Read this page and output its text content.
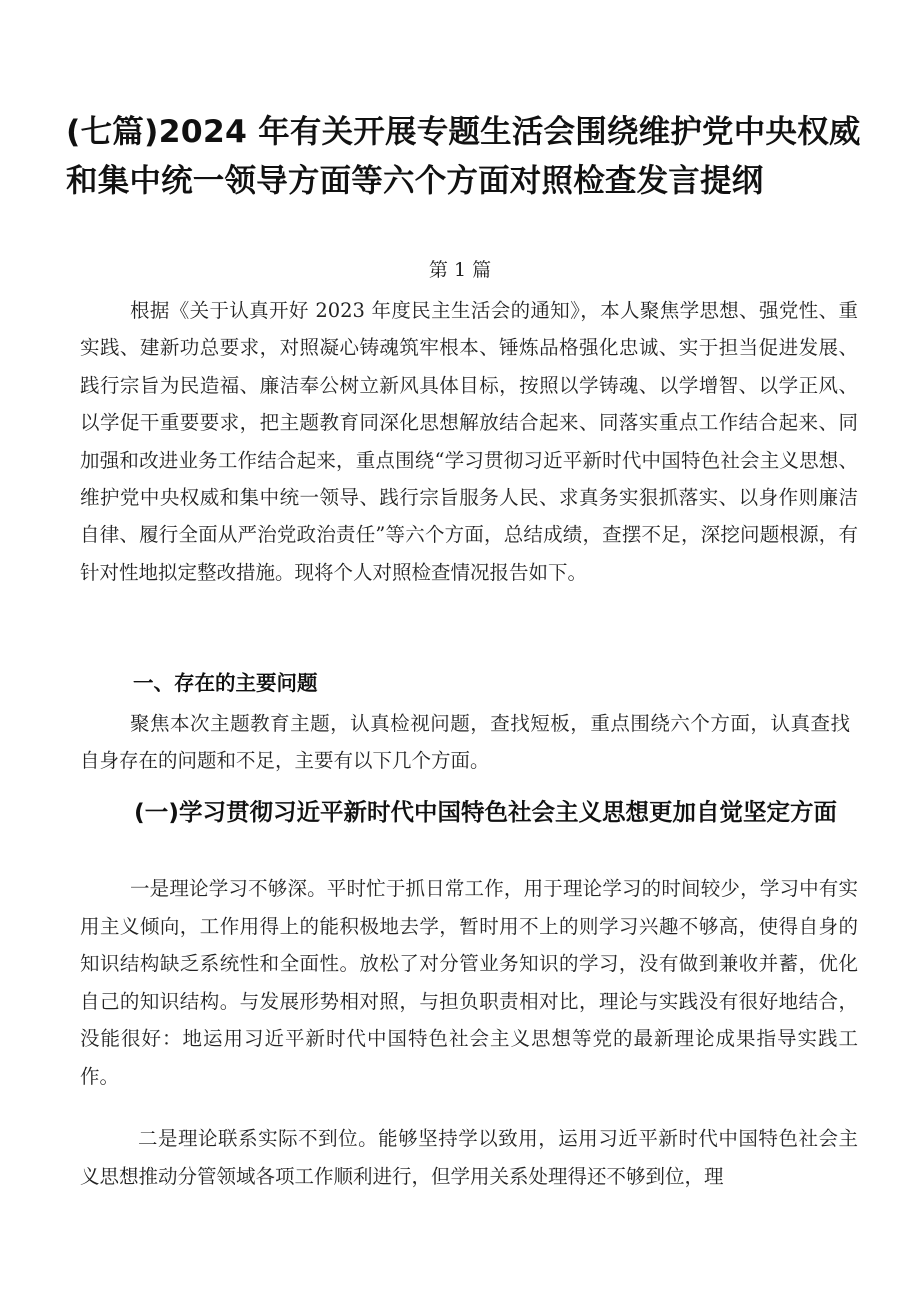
(七篇)2024 年有关开展专题生活会围绕维护党中央权威和集中统一领导方面等六个方面对照检查发言提纲

第 1 篇

根据《关于认真开好 2023 年度民主生活会的通知》，本人聚焦学思想、强党性、重实践、建新功总要求，对照凝心铸魂筑牢根本、锤炼品格强化忠诚、实于担当促进发展、践行宗旨为民造福、廉洁奉公树立新风具体目标，按照以学铸魂、以学增智、以学正风、以学促干重要要求，把主题教育同深化思想解放结合起来、同落实重点工作结合起来、同加强和改进业务工作结合起来，重点围绕“学习贯彻习近平新时代中国特色社会主义思想、维护党中央权威和集中统一领导、践行宗旨服务人民、求真务实狠抓落实、以身作则廉洁自律、履行全面从严治党政治责任”等六个方面，总结成绩，查摆不足，深挖问题根源，有针对性地拟定整改措施。现将个人对照检查情况报告如下。

一、存在的主要问题

聚焦本次主题教育主题，认真检视问题，查找短板，重点围绕六个方面，认真查找自身存在的问题和不足，主要有以下几个方面。

(一)学习贯彻习近平新时代中国特色社会主义思想更加自觉坚定方面

一是理论学习不够深。平时忙于抓日常工作，用于理论学习的时间较少，学习中有实用主义倾向，工作用得上的能积极地去学，暂时用不上的则学习兴趣不够高，使得自身的知识结构缺乏系统性和全面性。放松了对分管业务知识的学习，没有做到兼收并蓄，优化自己的知识结构。与发展形势相对照，与担负职责相对比，理论与实践没有很好地结合，没能很好：地运用习近平新时代中国特色社会主义思想等党的最新理论成果指导实践工作。

二是理论联系实际不到位。能够坚持学以致用，运用习近平新时代中国特色社会主义思想推动分管领域各项工作顺利进行，但学用关系处理得还不够到位，理
